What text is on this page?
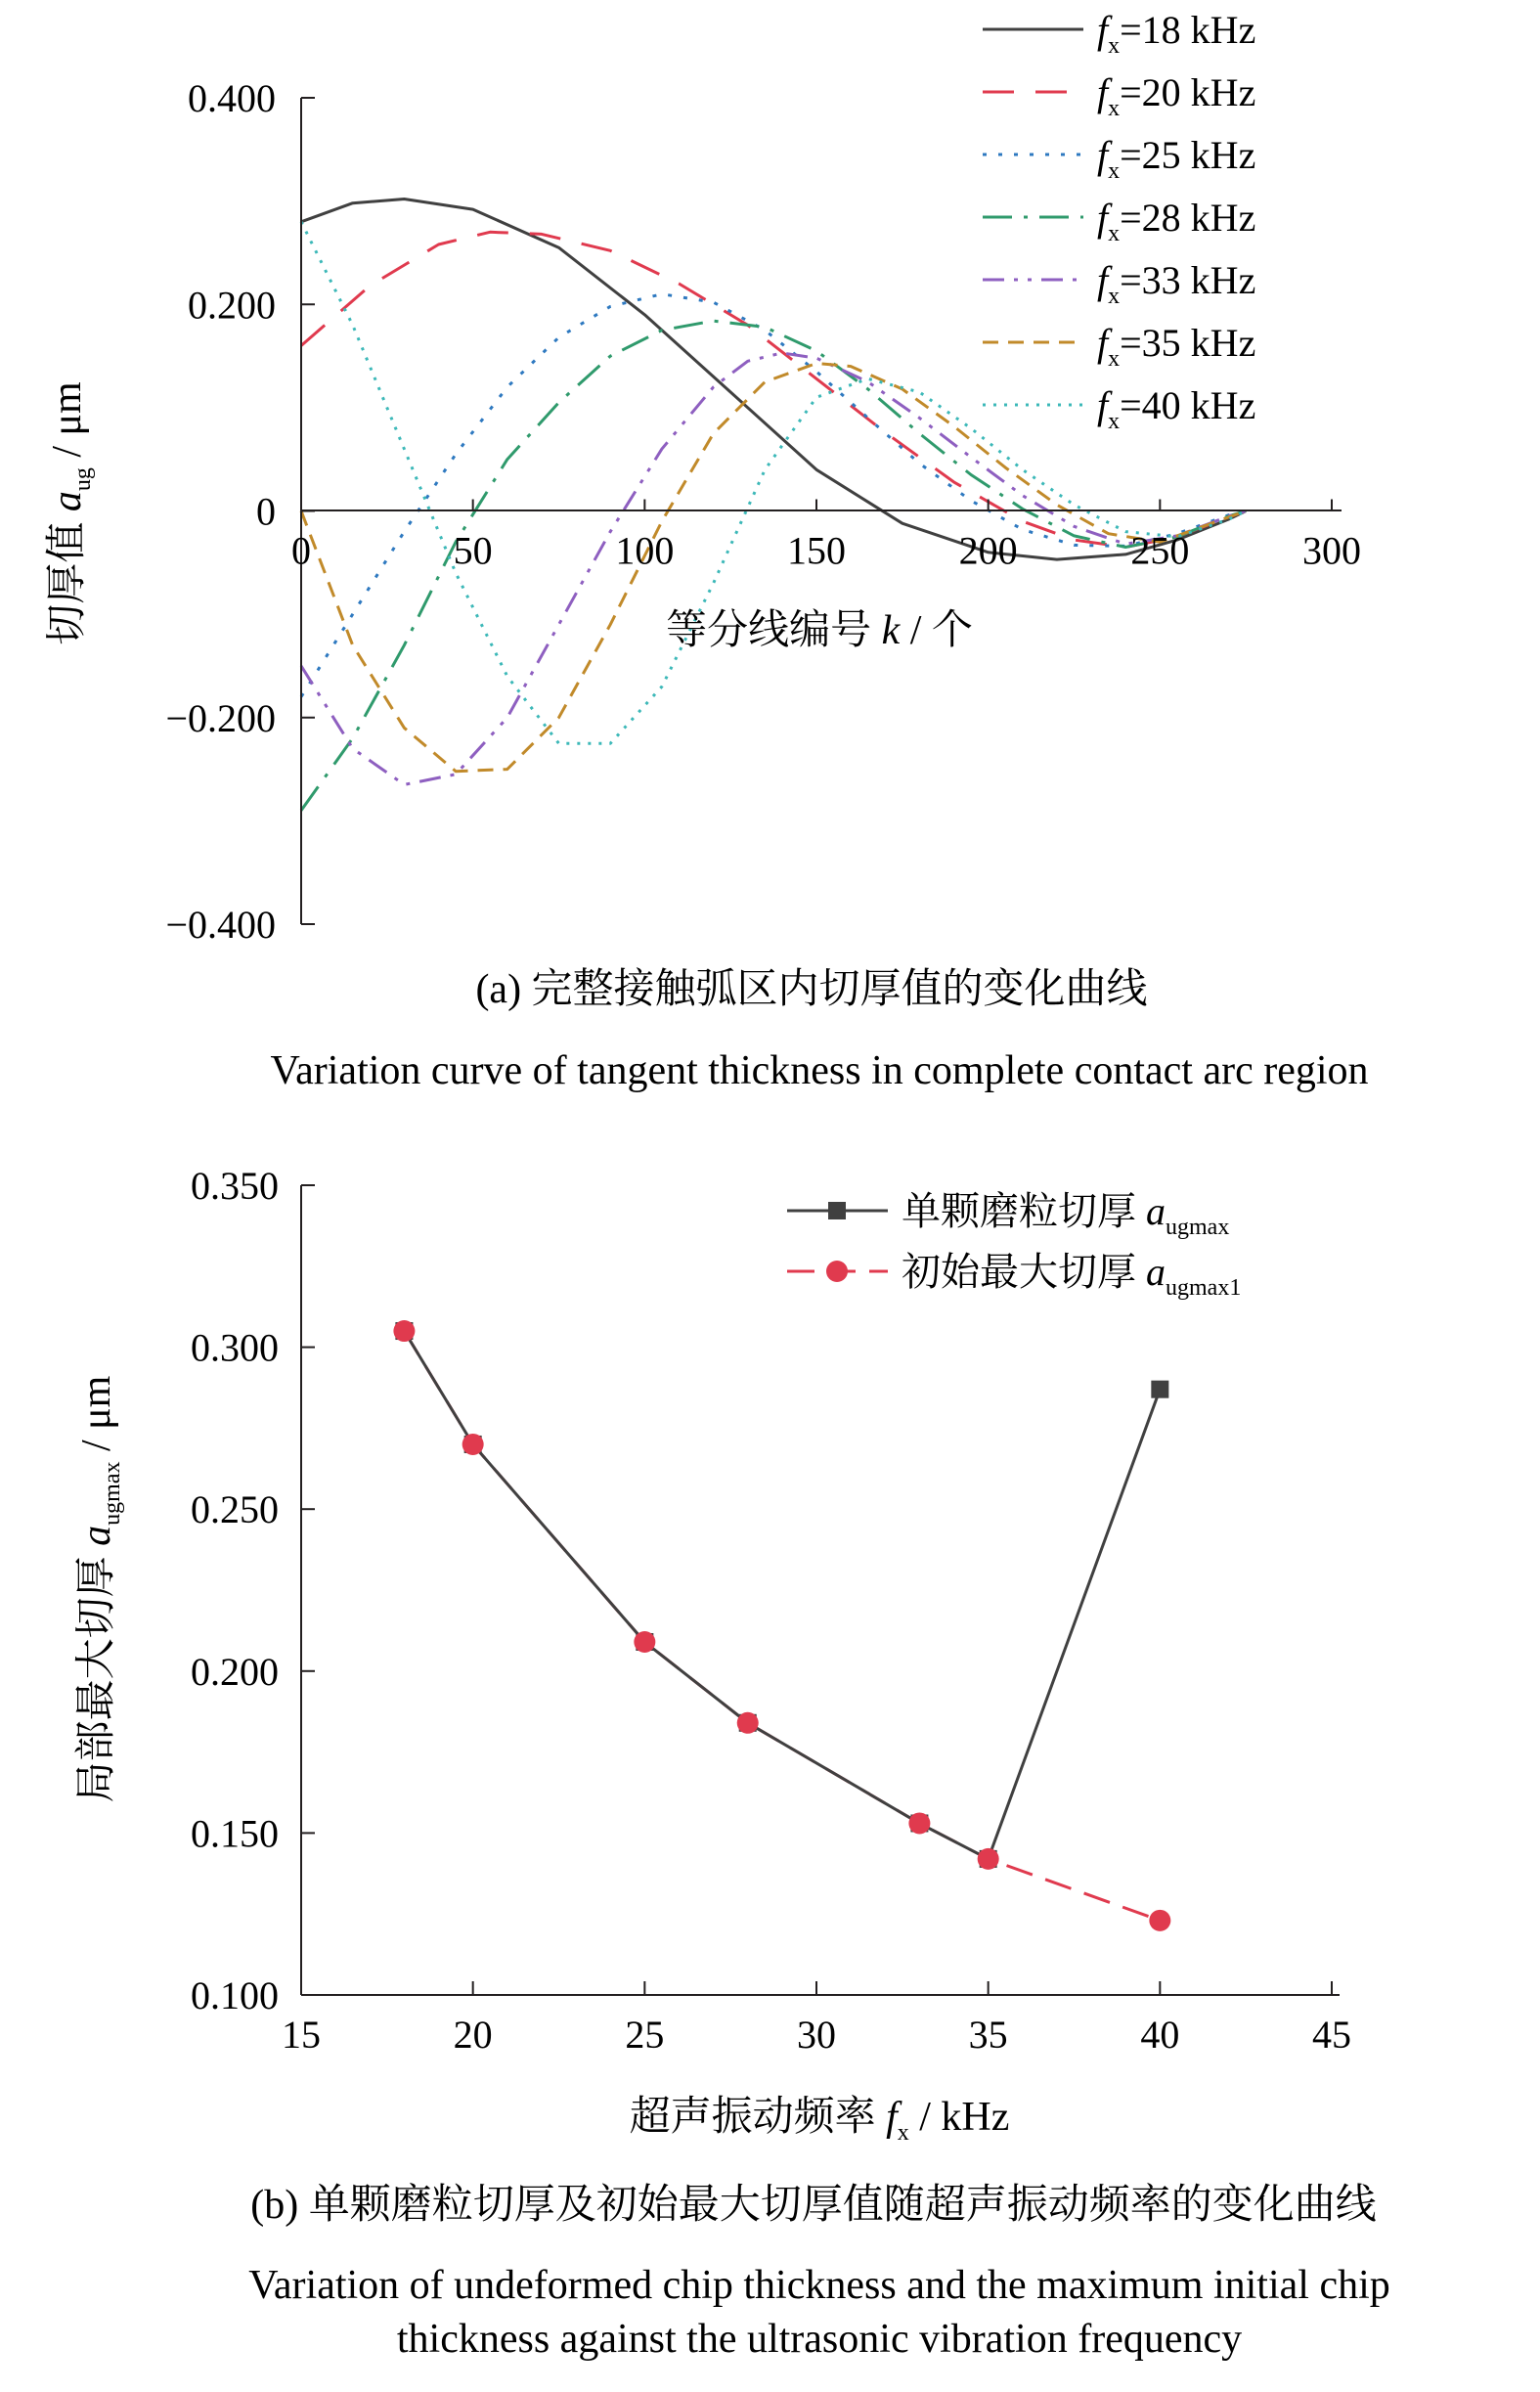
0.400
0.200
0
−0.200
−0.400
0	50	100	150	200	250	300
切厚值 $a_{ug}$ / μm
等分线编号 k / 个
$f_x=18$ kHz
$f_x=20$ kHz
$f_x=25$ kHz
$f_x=28$ kHz
$f_x=33$ kHz
$f_x=35$ kHz
$f_x=40$ kHz
(a) 完整接触弧区内切厚值的变化曲线
Variation curve of tangent thickness in complete contact arc region
0.350
0.300
0.250
0.200
0.150
0.100
15	20	25	30	35	40	45
局部最大切厚 $a_{ugmax}$ / μm
超声振动频率 $f_x$ / kHz
单颗磨粒切厚 $a_{ugmax}$
初始最大切厚 $a_{ugmax1}$
(b) 单颗磨粒切厚及初始最大切厚值随超声振动频率的变化曲线
Variation of undeformed chip thickness and the maximum initial chip
thickness against the ultrasonic vibration frequency
